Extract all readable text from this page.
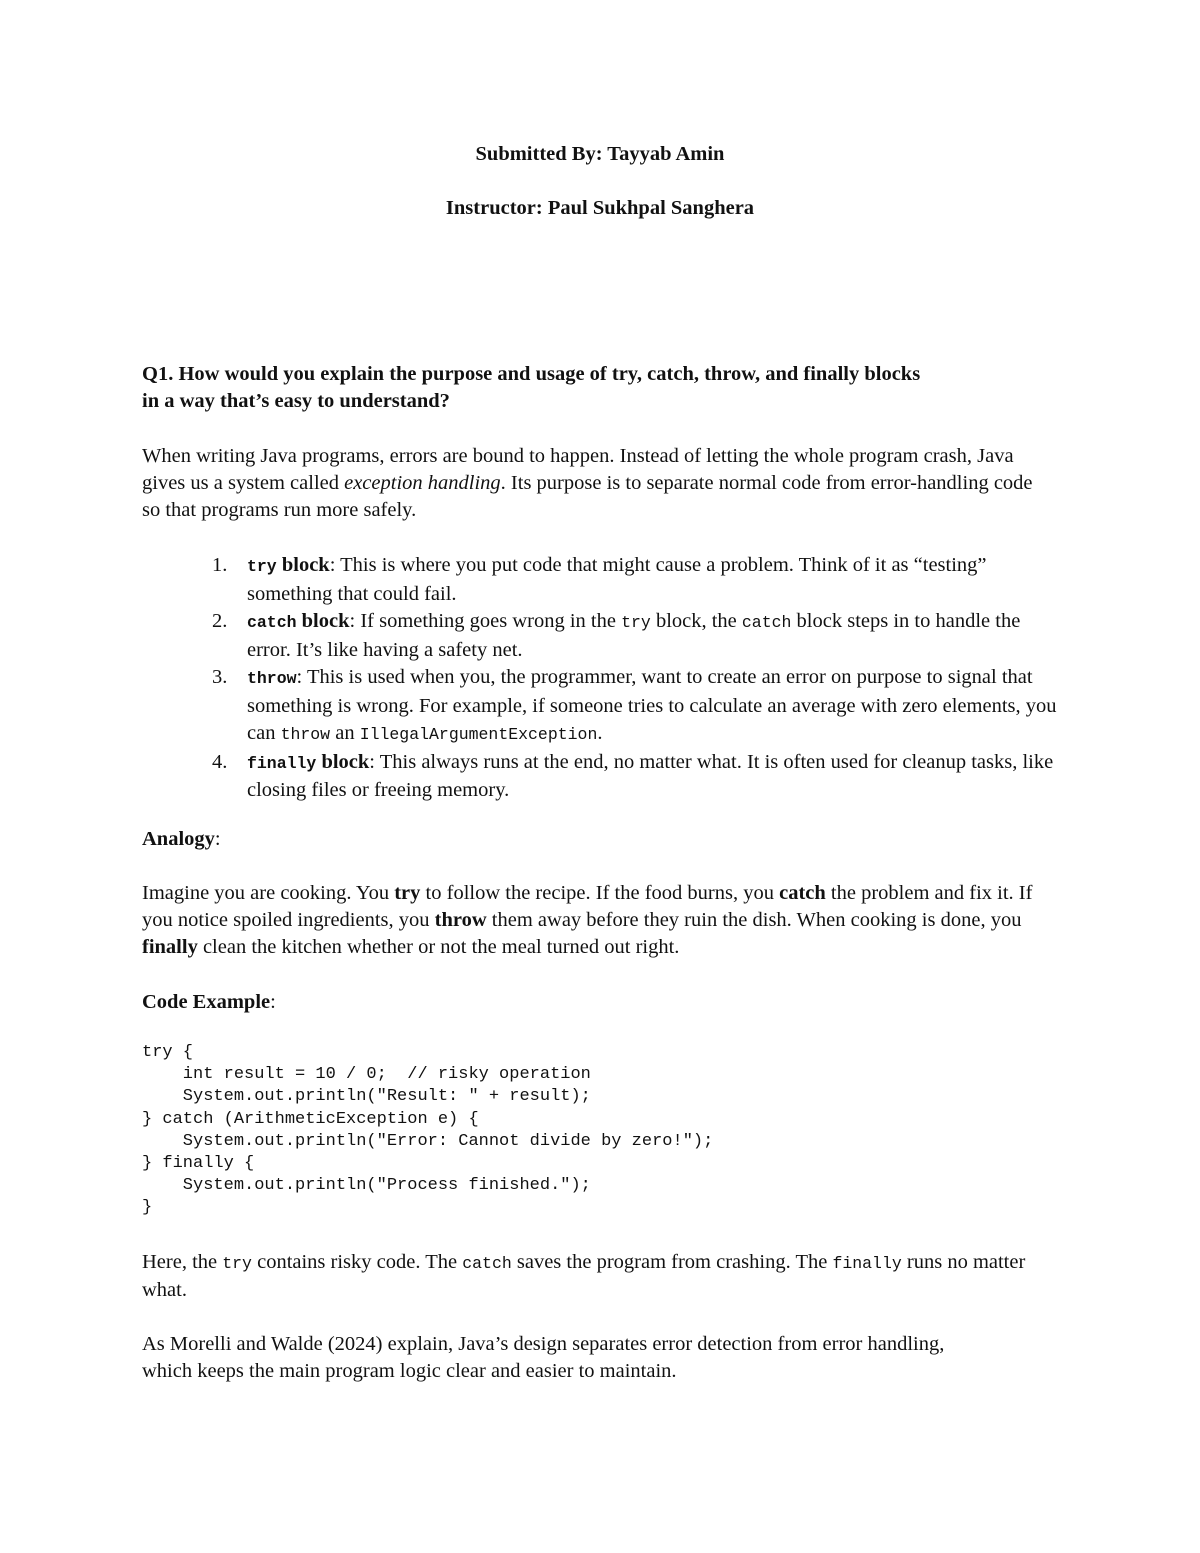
Submitted By: Tayyab Amin
Instructor: Paul Sukhpal Sanghera
Q1. How would you explain the purpose and usage of try, catch, throw, and finally blocks
in a way that’s easy to understand?
When writing Java programs, errors are bound to happen. Instead of letting the whole program crash, Java gives us a system called exception handling. Its purpose is to separate normal code from error-handling code so that programs run more safely.
1. try block: This is where you put code that might cause a problem. Think of it as “testing” something that could fail.
2. catch block: If something goes wrong in the try block, the catch block steps in to handle the error. It’s like having a safety net.
3. throw: This is used when you, the programmer, want to create an error on purpose to signal that something is wrong. For example, if someone tries to calculate an average with zero elements, you can throw an IllegalArgumentException.
4. finally block: This always runs at the end, no matter what. It is often used for cleanup tasks, like closing files or freeing memory.
Analogy:
Imagine you are cooking. You try to follow the recipe. If the food burns, you catch the problem and fix it. If you notice spoiled ingredients, you throw them away before they ruin the dish. When cooking is done, you finally clean the kitchen whether or not the meal turned out right.
Code Example:
try {
int result = 10 / 0;  // risky operation
System.out.println("Result: " + result);
} catch (ArithmeticException e) {
System.out.println("Error: Cannot divide by zero!");
} finally {
System.out.println("Process finished.");
}
Here, the try contains risky code. The catch saves the program from crashing. The finally runs no matter what.
As Morelli and Walde (2024) explain, Java’s design separates error detection from error handling, which keeps the main program logic clear and easier to maintain.
